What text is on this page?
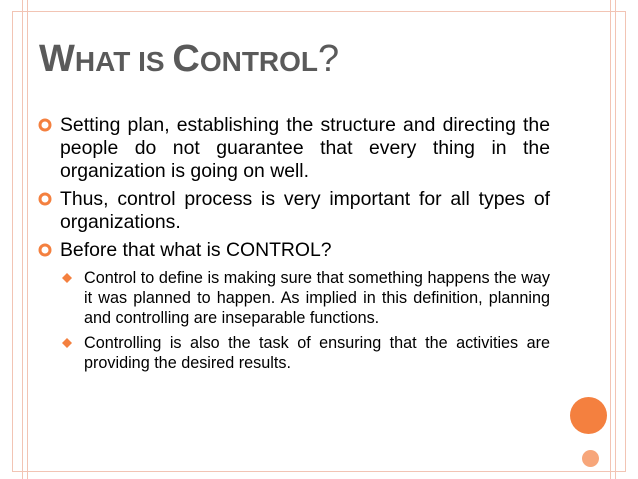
WHAT IS CONTROL?
Setting plan, establishing the structure and directing the people do not guarantee that every thing in the organization is going on well.
Thus, control process is very important for all types of organizations.
Before that what is CONTROL?
Control to define is making sure that something happens the way it was planned to happen. As implied in this definition, planning and controlling are inseparable functions.
Controlling is also the task of ensuring that the activities are providing the desired results.
